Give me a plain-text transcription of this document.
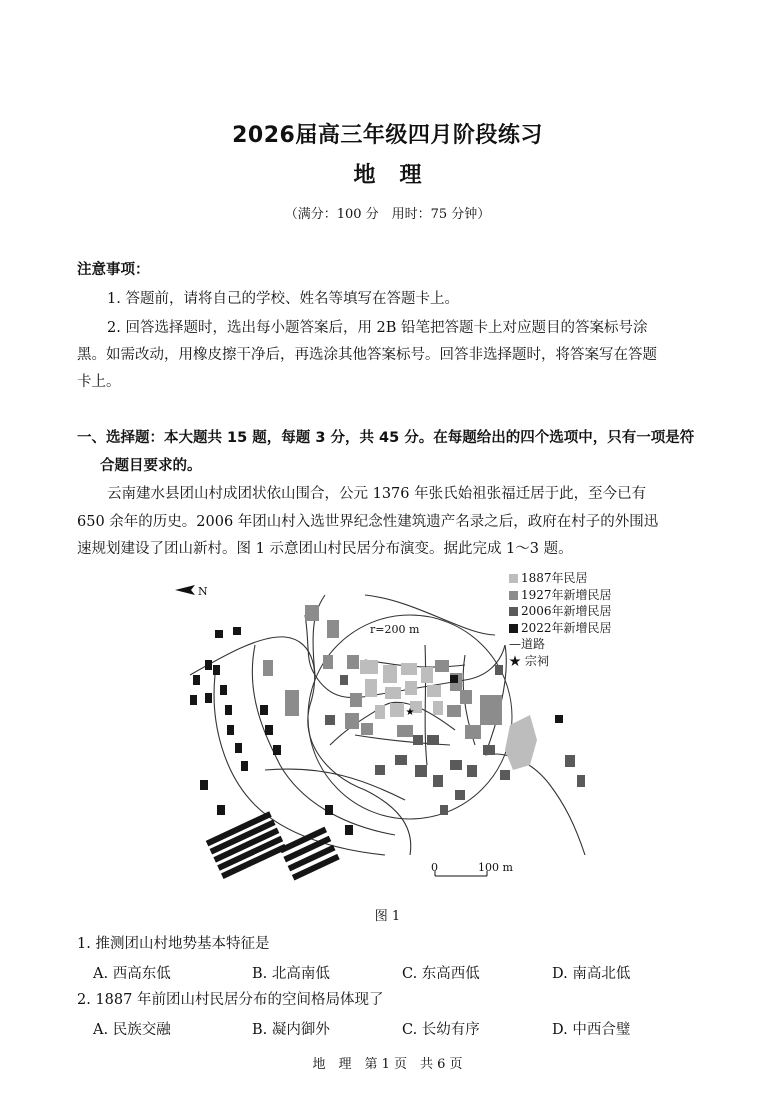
2026届高三年级四月阶段练习
地理
（满分：100 分　用时：75 分钟）
注意事项：
1. 答题前，请将自己的学校、姓名等填写在答题卡上。
2. 回答选择题时，选出每小题答案后，用 2B 铅笔把答题卡上对应题目的答案标号涂
黑。如需改动，用橡皮擦干净后，再选涂其他答案标号。回答非选择题时，将答案写在答题
卡上。
一、选择题：本大题共 15 题，每题 3 分，共 45 分。在每题给出的四个选项中，只有一项是符
合题目要求的。
云南建水县团山村成团状依山围合，公元 1376 年张氏始祖张福迁居于此，至今已有
650 余年的历史。2006 年团山村入选世界纪念性建筑遗产名录之后，政府在村子的外围迅
速规划建设了团山新村。图 1 示意团山村民居分布演变。据此完成 1～3 题。
N
r=200 m
★
0	100 m
1887年民居
1927年新增民居
2006年新增民居
2022年新增民居
—道路
★ 宗祠
图 1
1. 推测团山村地势基本特征是
A. 西高东低	B. 北高南低	C. 东高西低	D. 南高北低
2. 1887 年前团山村民居分布的空间格局体现了
A. 民族交融	B. 凝内御外	C. 长幼有序	D. 中西合璧
地　理　第 1 页　共 6 页
